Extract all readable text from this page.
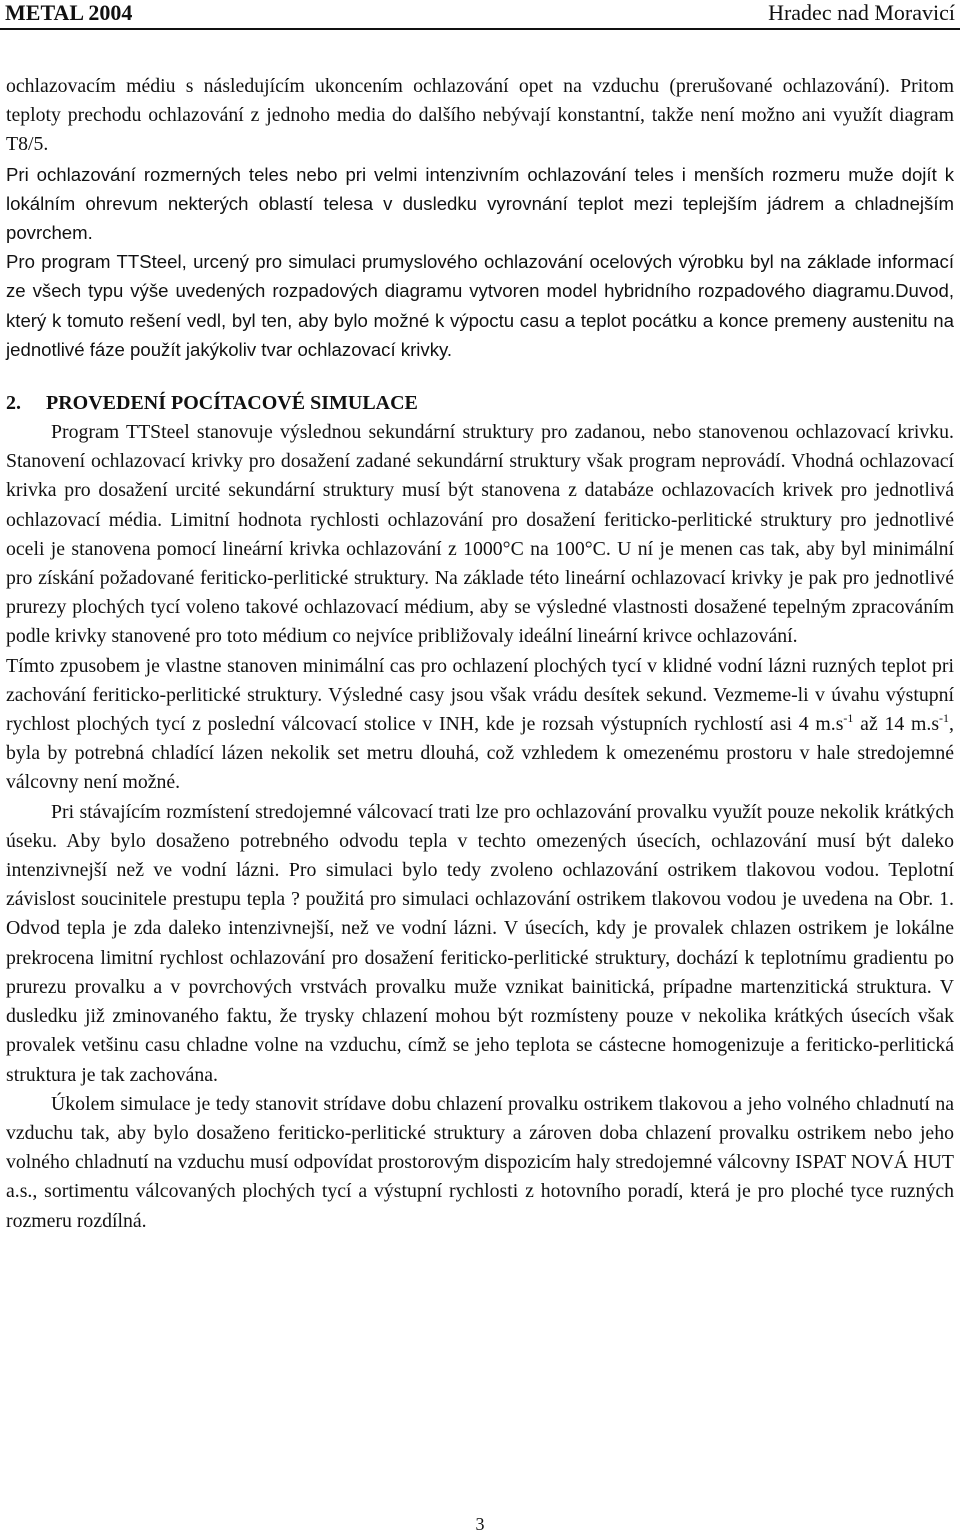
METAL 2004	Hradec nad Moravicí

ochlazovacím médiu s následujícím ukoncením ochlazování opet na vzduchu (prerušované ochlazování). Pritom teploty prechodu ochlazování z jednoho media do dalšího nebývají konstantní, takže není možno ani využít diagram T8/5.

Pri ochlazování rozmerných teles nebo pri velmi intenzivním ochlazování teles i menších rozmeru muže dojít k lokálním ohrevum nekterých oblastí telesa v dusledku vyrovnání teplot mezi teplejším jádrem a chladnejším povrchem.

Pro program TTSteel, urcený pro simulaci prumyslového ochlazování ocelových výrobku byl na základe informací ze všech typu výše uvedených rozpadových diagramu vytvoren model hybridního rozpadového diagramu.Duvod, který k tomuto rešení vedl, byl ten, aby bylo možné k výpoctu casu a teplot pocátku a konce premeny austenitu na jednotlivé fáze použít jakýkoliv tvar ochlazovací krivky.

2. PROVEDENÍ POCÍTACOVÉ SIMULACE

Program TTSteel stanovuje výslednou sekundární struktury pro zadanou, nebo stanovenou ochlazovací krivku. Stanovení ochlazovací krivky pro dosažení zadané sekundární struktury však program neprovádí. Vhodná ochlazovací krivka pro dosažení urcité sekundární struktury musí být stanovena z databáze ochlazovacích krivek pro jednotlivá ochlazovací média. Limitní hodnota rychlosti ochlazování pro dosažení feriticko-perlitické struktury pro jednotlivé oceli je stanovena pomocí lineární krivka ochlazování z 1000°C na 100°C. U ní je menen cas tak, aby byl minimální pro získání požadované feriticko-perlitické struktury. Na základe této lineární ochlazovací krivky je pak pro jednotlivé prurezy plochých tycí voleno takové ochlazovací médium, aby se výsledné vlastnosti dosažené tepelným zpracováním podle krivky stanovené pro toto médium co nejvíce približovaly ideální lineární krivce ochlazování.

Tímto zpusobem je vlastne stanoven minimální cas pro ochlazení plochých tycí v klidné vodní lázni ruzných teplot pri zachování feriticko-perlitické struktury. Výsledné casy jsou však vrádu desítek sekund. Vezmeme-li v úvahu výstupní rychlost plochých tycí z poslední válcovací stolice v INH, kde je rozsah výstupních rychlostí asi 4 $m.s^{-1}$ až 14 $m.s^{-1}$, byla by potrebná chladící lázen nekolik set metru dlouhá, což vzhledem k omezenému prostoru v hale stredojemné válcovny není možné.

Pri stávajícím rozmístení stredojemné válcovací trati lze pro ochlazování provalku využít pouze nekolik krátkých úseku. Aby bylo dosaženo potrebného odvodu tepla v techto omezených úsecích, ochlazování musí být daleko intenzivnejší než ve vodní lázni. Pro simulaci bylo tedy zvoleno ochlazování ostrikem tlakovou vodou. Teplotní závislost soucinitele prestupu tepla ? použitá pro simulaci ochlazování ostrikem tlakovou vodou je uvedena na Obr. 1. Odvod tepla je zda daleko intenzivnejší, než ve vodní lázni. V úsecích, kdy je provalek chlazen ostrikem je lokálne prekrocena limitní rychlost ochlazování pro dosažení feriticko-perlitické struktury, dochází k teplotnímu gradientu po prurezu provalku a v povrchových vrstvách provalku muže vznikat bainitická, prípadne martenzitická struktura. V dusledku již zminovaného faktu, že trysky chlazení mohou být rozmísteny pouze v nekolika krátkých úsecích však provalek vetšinu casu chladne volne na vzduchu, címž se jeho teplota se cástecne homogenizuje a feriticko-perlitická struktura je tak zachována.

Úkolem simulace je tedy stanovit strídave dobu chlazení provalku ostrikem tlakovou a jeho volného chladnutí na vzduchu tak, aby bylo dosaženo feriticko-perlitické struktury a zároven doba chlazení provalku ostrikem nebo jeho volného chladnutí na vzduchu musí odpovídat prostorovým dispozicím haly stredojemné válcovny ISPAT NOVÁ HUT a.s., sortimentu válcovaných plochých tycí a výstupní rychlosti z hotovního poradí, která je pro ploché tyce ruzných rozmeru rozdílná.

3
